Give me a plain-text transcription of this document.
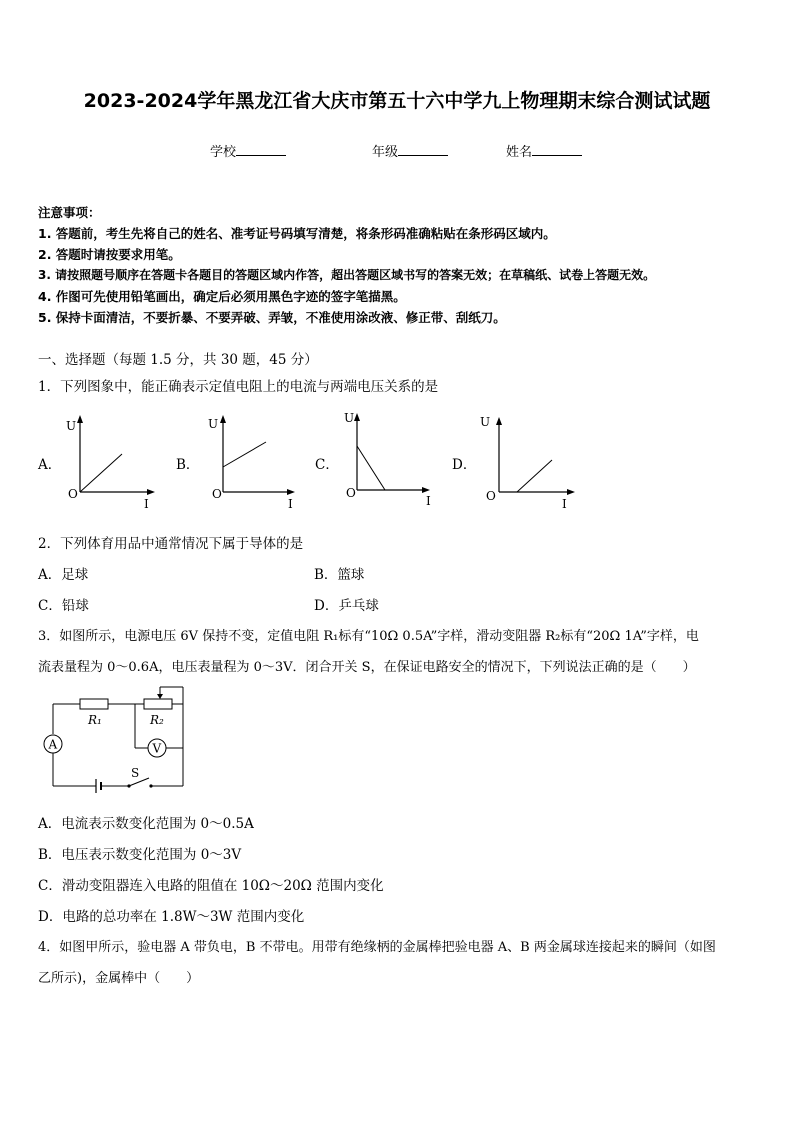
2023-2024学年黑龙江省大庆市第五十六中学九上物理期末综合测试试题
学校	年级	姓名
注意事项：
1. 答题前，考生先将自己的姓名、准考证号码填写清楚，将条形码准确粘贴在条形码区域内。
2. 答题时请按要求用笔。
3. 请按照题号顺序在答题卡各题目的答题区域内作答，超出答题区域书写的答案无效；在草稿纸、试卷上答题无效。
4. 作图可先使用铅笔画出，确定后必须用黑色字迹的签字笔描黑。
5. 保持卡面清洁，不要折暴、不要弄破、弄皱，不准使用涂改液、修正带、刮纸刀。
一、选择题（每题 1.5 分，共 30 题，45 分）
1．下列图象中，能正确表示定值电阻上的电流与两端电压关系的是
A．	B．	C．	D．
U
O
I
U
O
I
U
O
I
U
O
I
2．下列体育用品中通常情况下属于导体的是
A．足球	B．篮球
C．铅球	D．乒乓球
3．如图所示，电源电压 6V 保持不变，定值电阻 R₁标有“10Ω 0.5A”字样，滑动变阻器 R₂标有“20Ω 1A”字样，电
流表量程为 0～0.6A，电压表量程为 0～3V．闭合开关 S，在保证电路安全的情况下，下列说法正确的是（　　）
A
S
V
R₁	R₂
A．电流表示数变化范围为 0～0.5A
B．电压表示数变化范围为 0～3V
C．滑动变阻器连入电路的阻值在 10Ω～20Ω 范围内变化
D．电路的总功率在 1.8W～3W 范围内变化
4．如图甲所示，验电器 A 带负电，B 不带电。用带有绝缘柄的金属棒把验电器 A、B 两金属球连接起来的瞬间（如图
乙所示)，金属棒中（　　）
